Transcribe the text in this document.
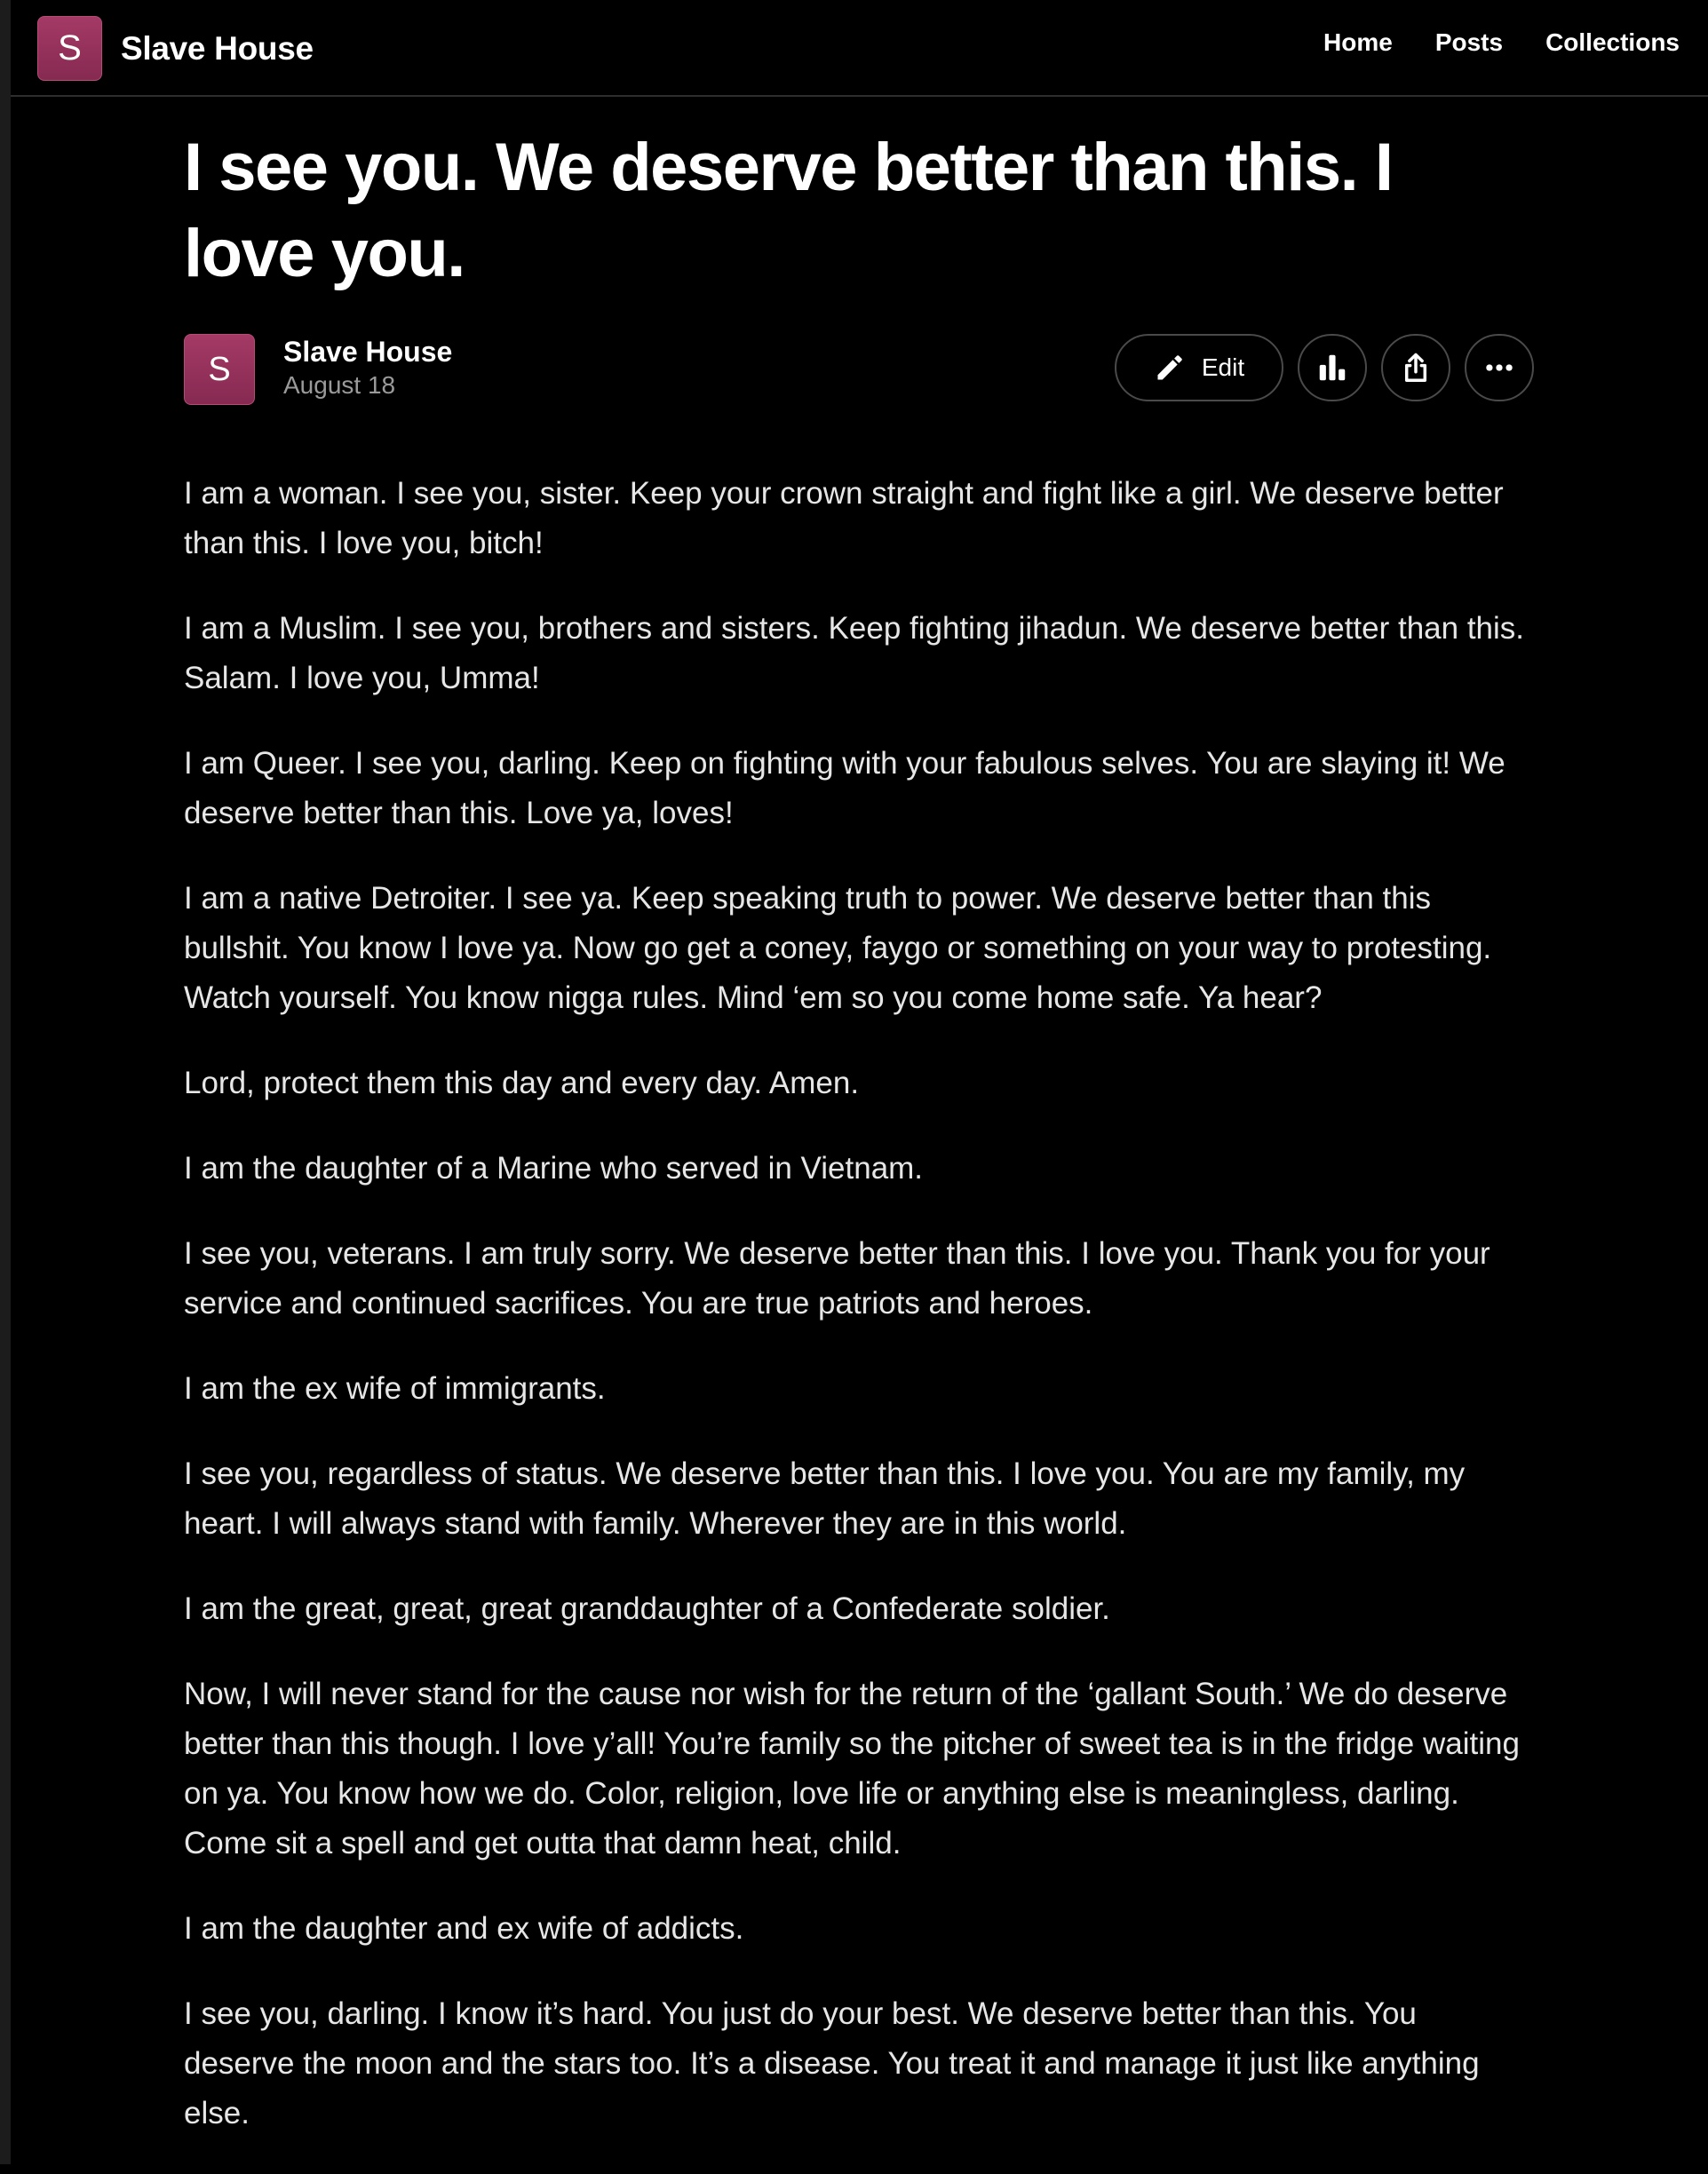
S	Slave House	Home Posts Collections
I see you. We deserve better than this. I love you.
S	Slave House
August 18
Edit

I am a woman. I see you, sister. Keep your crown straight and fight like a girl. We deserve better than this. I love you, bitch!

I am a Muslim. I see you, brothers and sisters. Keep fighting jihadun. We deserve better than this. Salam. I love you, Umma!

I am Queer. I see you, darling. Keep on fighting with your fabulous selves. You are slaying it! We deserve better than this. Love ya, loves!

I am a native Detroiter. I see ya. Keep speaking truth to power. We deserve better than this bullshit. You know I love ya. Now go get a coney, faygo or something on your way to protesting. Watch yourself. You know nigga rules. Mind ‘em so you come home safe. Ya hear?

Lord, protect them this day and every day. Amen.

I am the daughter of a Marine who served in Vietnam.

I see you, veterans. I am truly sorry. We deserve better than this. I love you. Thank you for your service and continued sacrifices. You are true patriots and heroes.

I am the ex wife of immigrants.

I see you, regardless of status. We deserve better than this. I love you. You are my family, my heart. I will always stand with family. Wherever they are in this world.

I am the great, great, great granddaughter of a Confederate soldier.

Now, I will never stand for the cause nor wish for the return of the ‘gallant South.’ We do deserve better than this though. I love y’all! You’re family so the pitcher of sweet tea is in the fridge waiting on ya. You know how we do. Color, religion, love life or anything else is meaningless, darling. Come sit a spell and get outta that damn heat, child.

I am the daughter and ex wife of addicts.

I see you, darling. I know it’s hard. You just do your best. We deserve better than this. You deserve the moon and the stars too. It’s a disease. You treat it and manage it just like anything else.
